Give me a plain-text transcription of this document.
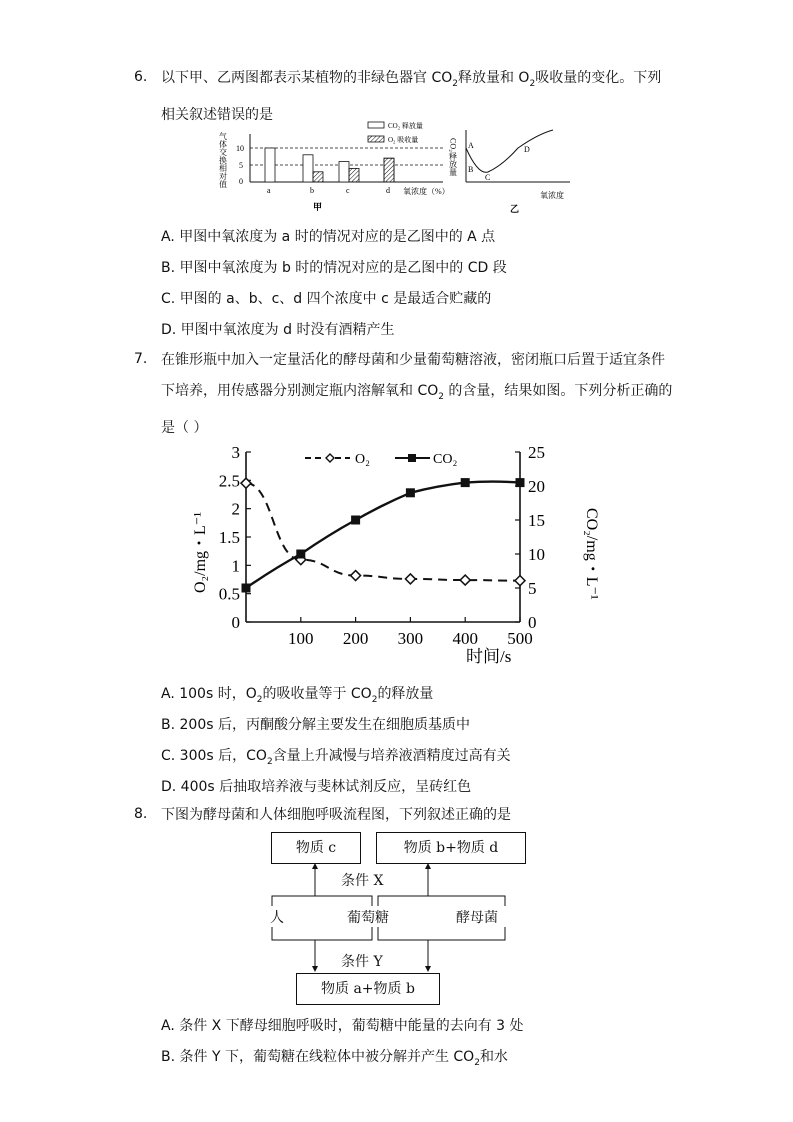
6. 以下甲、乙两图都表示某植物的非绿色器官 $CO_2$释放量和 $O_2$吸收量的变化。下列
相关叙述错误的是
气体交换相对值 10
5
0
a	b	c	d 氧浓度（%）
CO₂ 释放量
O₂ 吸收量
甲
CO₂释放量 A
B
C
D
氧浓度
乙
A. 甲图中氧浓度为 a 时的情况对应的是乙图中的 A 点
B. 甲图中氧浓度为 b 时的情况对应的是乙图中的 CD 段
C. 甲图的 a、b、c、d 四个浓度中 c 是最适合贮藏的
D. 甲图中氧浓度为 d 时没有酒精产生
7. 在锥形瓶中加入一定量活化的酵母菌和少量葡萄糖溶液，密闭瓶口后置于适宜条件
下培养，用传感器分别测定瓶内溶解氧和 $CO_2$ 的含量，结果如图。下列分析正确的
是（ ）
O₂/mg・L⁻¹	CO₂/mg・L⁻¹
3
2.5
2
1.5
1
0.5
0
25
20
15
10
5
0
100 200 300 400 500
时间/s
O₂	CO₂
A. 100s 时，$O_2$的吸收量等于 $CO_2$的释放量
B. 200s 后，丙酮酸分解主要发生在细胞质基质中
C. 300s 后，$CO_2$含量上升减慢与培养液酒精度过高有关
D. 400s 后抽取培养液与斐林试剂反应，呈砖红色
8. 下图为酵母菌和人体细胞呼吸流程图，下列叙述正确的是
物质 c	物质 b+物质 d
条件 X
人	葡萄糖	酵母菌
条件 Y
物质 a+物质 b
A. 条件 X 下酵母细胞呼吸时，葡萄糖中能量的去向有 3 处
B. 条件 Y 下，葡萄糖在线粒体中被分解并产生 $CO_2$和水
